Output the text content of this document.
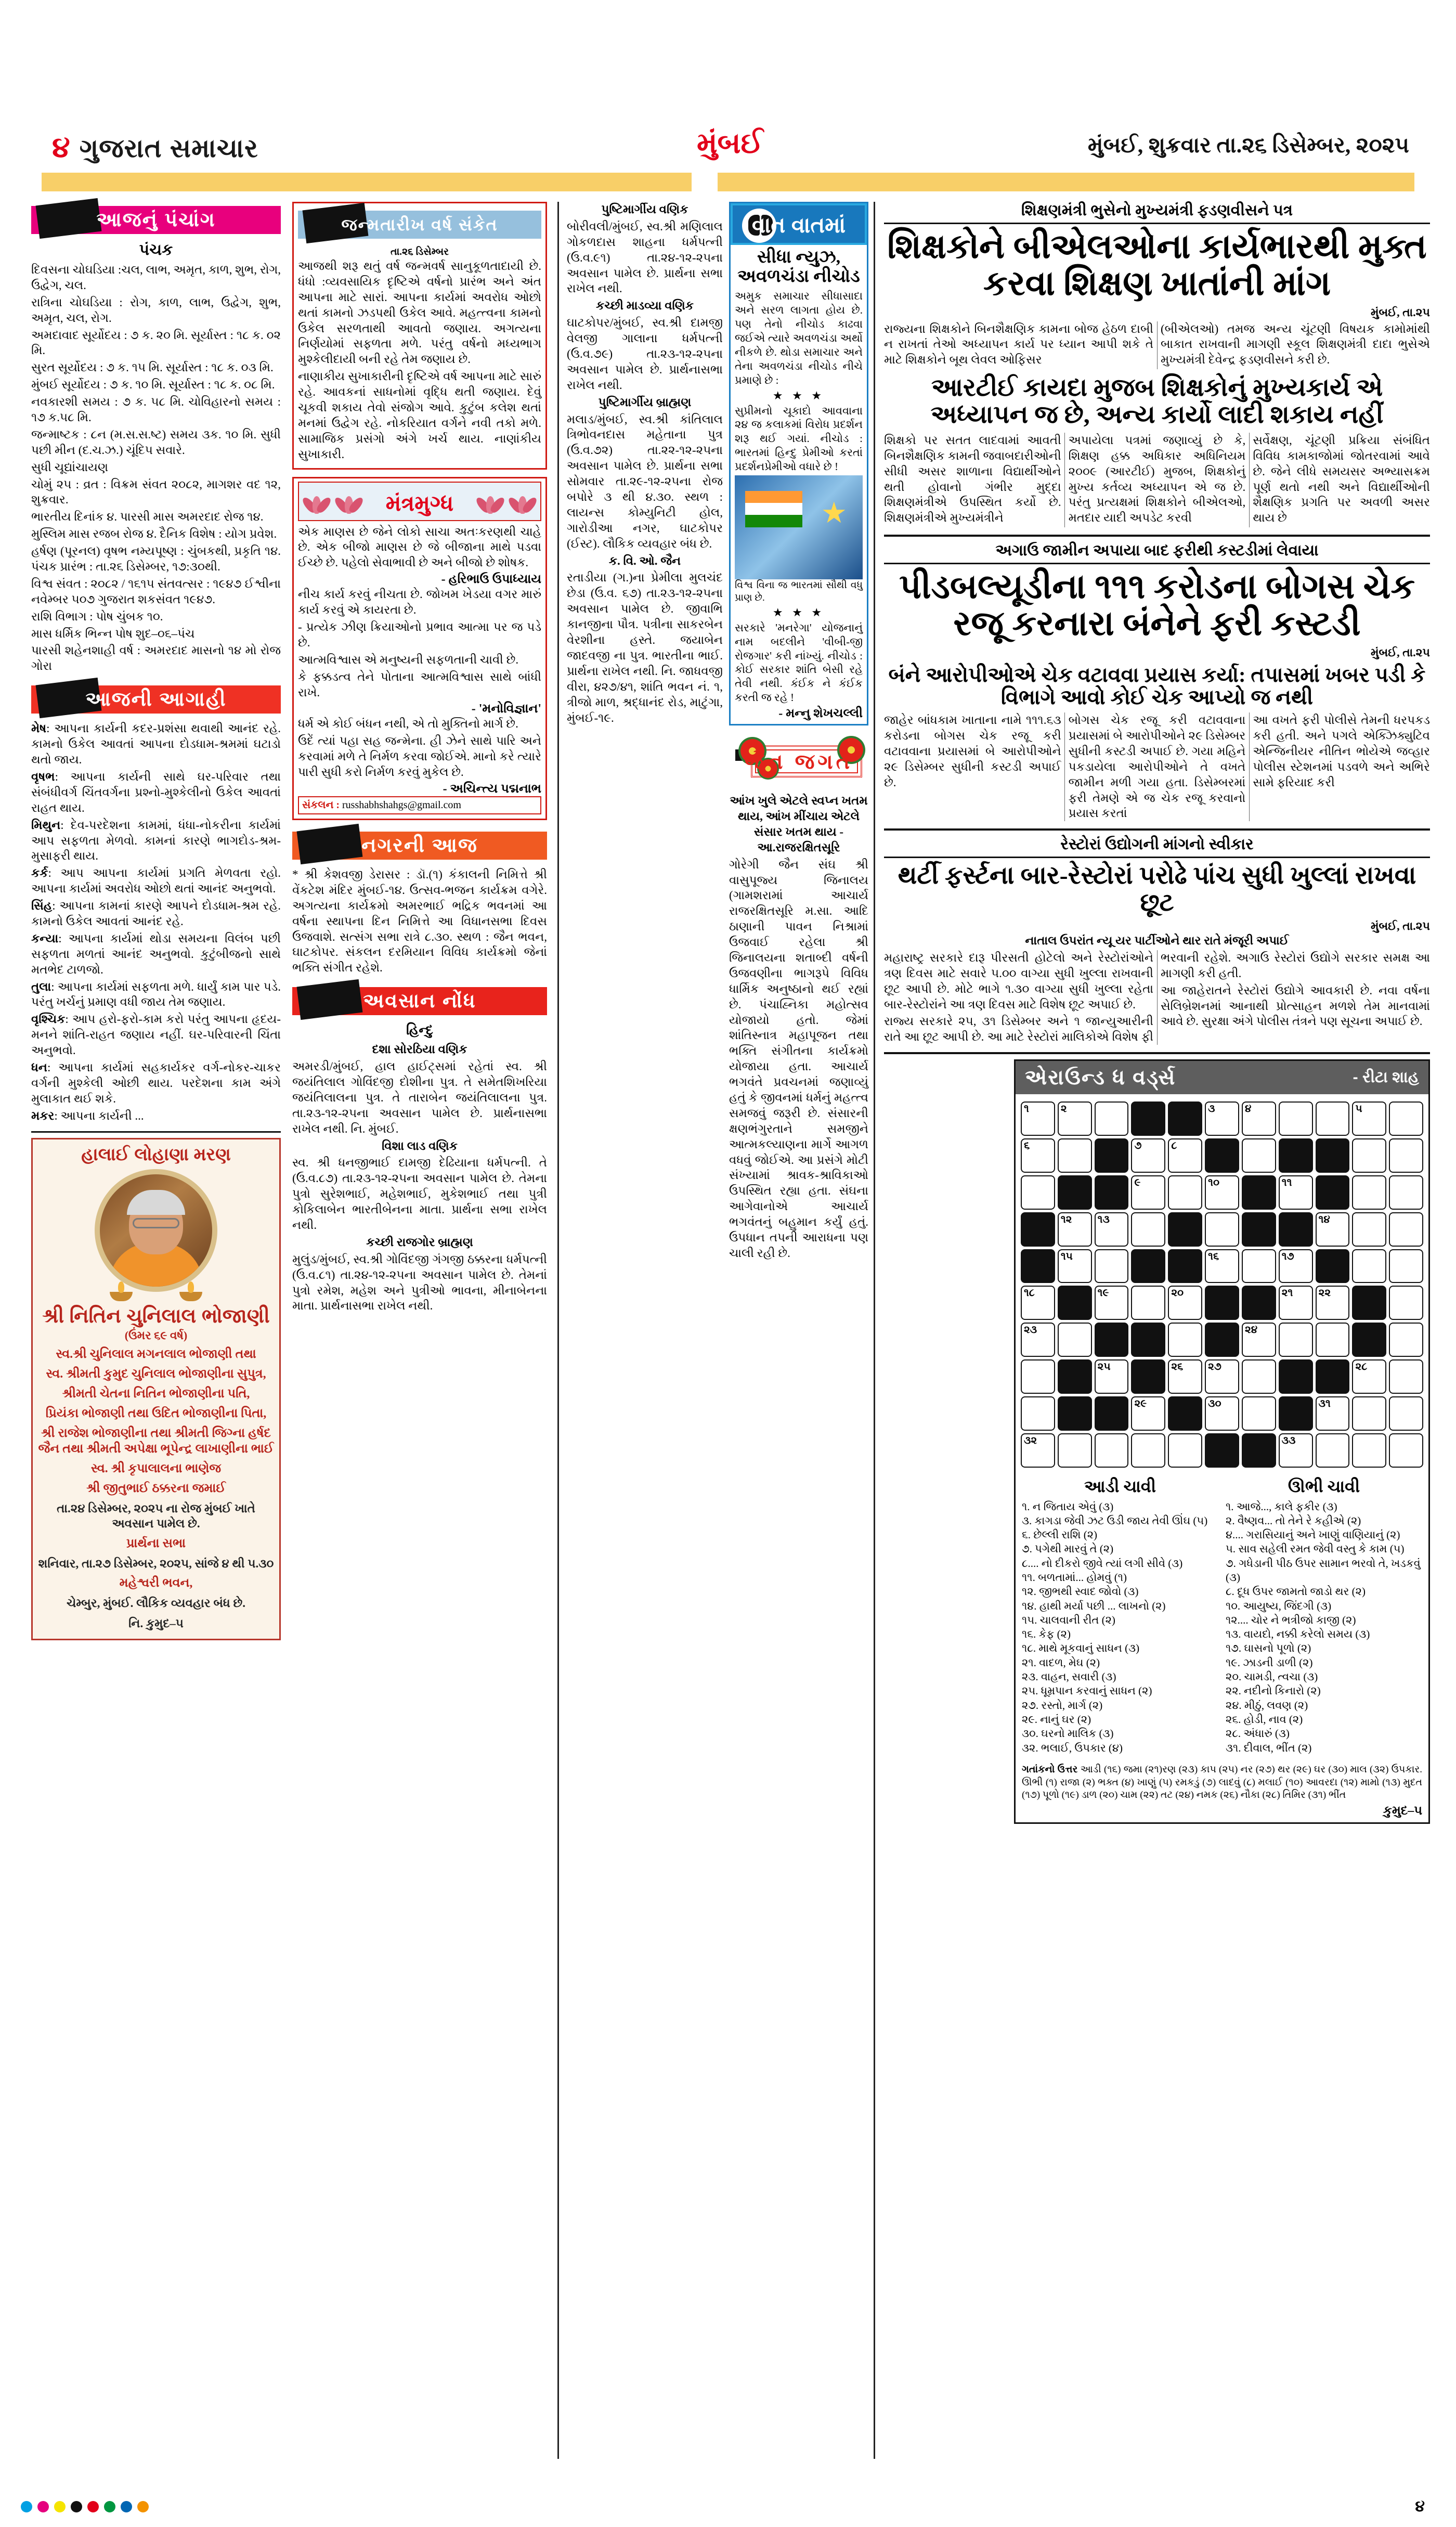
૪ ગુજરાત સમાચાર	મુંબઈ	મુંબઈ, શુક્રવાર તા.૨૬ ડિસેમ્બર, ૨૦૨૫
આજનું પંચાંગ
પંચક
દિવસના ચોઘડિયા :ચલ, લાભ, અમૃત, કાળ, શુભ, રોગ, ઉદ્વેગ, ચલ.
રાત્રિના ચોઘડિયા : રોગ, કાળ, લાભ, ઉદ્વેગ, શુભ, અમૃત, ચલ, રોગ.
અમદાવાદ સૂર્યોદય : ૭ ક. ૨૦ મિ. સૂર્યાસ્ત : ૧૮ ક. ૦૨ મિ.
સુરત સૂર્યોદય : ૭ ક. ૧૫ મિ. સૂર્યાસ્ત : ૧૮ ક. ૦૩ મિ.
મુંબઈ સૂર્યોદય : ૭ ક. ૧૦ મિ. સૂર્યાસ્ત : ૧૮ ક. ૦૮ મિ.
નવકારશી સમય : ૭ ક. ૫૮ મિ. ચોવિહારનો સમય : ૧૭ ક.૫૮ મિ.
જન્માષ્ટક : ૮ન (મ.સ.સ.ષ્ટ) સમય ૩ક. ૧૦ મિ. સુધી પછી મીન (દ.ચ.ઝ.) ચૂંદિ૫ સવારે.
સુધી ચૂદ્યાંચાયણ
ચોમું ૨૫ : વ્રત : વિક્રમ સંવત ૨૦૮૨, માગશર વદ ૧૨, શુક્રવાર.
ભારતીય દિનાંક ૪. પારસી માસ અમરદાદ રોજ ૧૪.
મુસ્લિમ માસ રજબ રોજ ૪. દૈનિક વિશેષ : યોગ પ્રવેશ.
હર્ષણ (પૂરનલ) વૃષભ નમ્યપૂષ્ણ : ચુંબકથી, પ્રકૃતિ ૧૪. પંચક પ્રારંભ : તા.૨૬ ડિસેમ્બર, ૧૭:૩૦થી.
વિશ્વ સંવત : ૨૦૮૨ / ૧૬૧૫ સંતવત્સર : ૧૯૪૭ ઈશ્વીના નવેમ્બર ૫૦૭ ગુજરાત શકસંવત ૧૯૪૭.
રાશિ વિભાગ : પોષ ચુંબક ૧૦.
માસ ધર્મિક ભિન્ન પોષ શુદ–૦૬–પંચ
પારસી શહેનશાહી વર્ષ : અમરદાદ માસનો ૧૪ મો રોજ ગોરા
આજની આગાહી
મેષ: આપના કાર્યની કદર-પ્રશંસા થવાથી આનંદ રહે. કામનો ઉકેલ આવતાં આપના દોડધામ-શ્રમમાં ઘટાડો થતો જાય.
વૃષભ: આપના કાર્યની સાથે ઘર-પરિવાર તથા સંબંધીવર્ગ ચિંતવર્ગના પ્રશ્નો-મુશ્કેલીનો ઉકેલ આવતાં રાહત થાય.
મિથુન: દેવ-પરદેશના કામમાં, ધંધા-નોકરીના કાર્યમાં આપ સફળતા મેળવો. કામનાં કારણે ભાગદોડ-શ્રમ-મુસાફરી થાય.
કર્ક: આપ આપના કાર્યમાં પ્રગતિ મેળવતા રહો. આપના કાર્યમાં અવરોધ ઓછો થતાં આનંદ અનુભવો.
સિંહ: આપના કામનાં કારણે આપને દોડધામ-શ્રમ રહે. કામનો ઉકેલ આવતાં આનંદ રહે.
કન્યા: આપના કાર્યમાં થોડા સમયના વિલંબ પછી સફળતા મળતાં આનંદ અનુભવો. કુટુંબીજનો સાથે મતભેદ ટાળજો.
તુલા: આપના કાર્યમાં સફળતા મળે. ધાર્યું કામ પાર પડે. પરંતુ ખર્ચનું પ્રમાણ વધી જાય તેમ જણાય.
વૃશ્ચિક: આપ હરો-ફરો-કામ કરો પરંતુ આપના હૃદય-મનને શાંતિ-રાહત જણાય નહીં. ઘર-પરિવારની ચિંતા અનુભવો.
ધન: આપના કાર્યમાં સહકાર્યકર વર્ગ-નોકર-ચાકર વર્ગની મુશ્કેલી ઓછી થાય. પરદેશના કામ અંગે મુલાકાત થઈ શકે.
મકર: આપના કાર્યની ...
હાલાઈ લોહાણા મરણ
શ્રી નિતિન ચુનિલાલ ભોજાણી
(ઉંમર ૬૯ વર્ષ)
સ્વ.શ્રી ચુનિલાલ મગનલાલ ભોજાણી તથા
સ્વ. શ્રીમતી કુમુદ ચુનિલાલ ભોજાણીના સુપુત્ર,
શ્રીમતી ચેતના નિતિન ભોજાણીના પતિ,
પ્રિયંકા ભોજાણી તથા ઉદિત ભોજાણીના પિતા,
શ્રી રાજેશ ભોજાણીના તથા શ્રીમતી જિગ્ના હર્ષદ જૈન તથા શ્રીમતી અપેક્ષા ભૂપેન્દ્ર લાખાણીના ભાઈ
સ્વ. શ્રી કૃપાલાલના ભાણેજ
શ્રી જીતુભાઈ ઠક્કરના જમાઈ
તા.૨૪ ડિસેમ્બર, ૨૦૨૫ ના રોજ મુંબઈ ખાતે અવસાન પામેલ છે.
પ્રાર્થના સભા
શનિવાર, તા.૨૭ ડિસેમ્બર, ૨૦૨૫, સાંજે ૪ થી ૫.૩૦
મહેશ્વરી ભવન,
ચેમ્બુર, મુંબઈ. લૌકિક વ્યવહાર બંધ છે.
નિ. કુમુદ–૫
જન્મતારીખ વર્ષ સંકેત
તા.૨૬ ડિસેમ્બર
આજથી શરૂ થતું વર્ષ જન્મવર્ષ સાનુકૂળતાદાયી છે. ધંધો :વ્યવસાયિક દૃષ્ટિએ વર્ષનો પ્રારંભ અને અંત આપના માટે સારાં. આપના કાર્યમાં અવરોધ ઓછો થતાં કામનો ઝડપથી ઉકેલ આવે. મહત્ત્વના કામનો ઉકેલ સરળતાથી આવતો જણાય. અગત્યના નિર્ણયોમાં સફળતા મળે. પરંતુ વર્ષનો મધ્યભાગ મુશ્કેલીદાયી બની રહે તેમ જણાય છે.
નાણાકીય સુખાકારીની દૃષ્ટિએ વર્ષ આપના માટે સારું રહે. આવકનાં સાધનોમાં વૃદ્ધિ થતી જણાય. દેવું ચૂકવી શકાય તેવો સંજોગ આવે. કુટુંબ કલેશ થતાં મનમાં ઉદ્વેગ રહે. નોકરિયાત વર્ગને નવી તકો મળે. સામાજિક પ્રસંગો અંગે ખર્ચ થાય. નાણાંકીય સુખાકારી.
મંત્રમુગ્ધ
એક માણસ છે જેને લોકો સાચા અતઃકરણથી ચાહે છે. એક બીજો માણસ છે જે બીજાના માથે પડવા ઈચ્છે છે. પહેલો સેવાભાવી છે અને બીજો છે શોષક.
- હરિભાઉ ઉપાધ્યાય
નીચ કાર્ય કરવું નીચતા છે. જોખમ ખેડયા વગર મારું કાર્ય કરવું એ કાયરતા છે.
- પ્રત્યેક ઝીણ ક્રિયાઓનો પ્રભાવ આત્મા પર જ પડે છે.
આત્મવિશ્વાસ એ મનુષ્યની સફળતાની ચાવી છે.
કે ફક્કડત્વ તેને પોતાના આત્મવિશ્વાસ સાથે બાંધી રાખે.
- 'મનોવિજ્ઞાન'
ધર્મ એ કોઈ બંધન નથી, એ તો મુક્તિનો માર્ગ છે.
ઉદેં ત્યાં પહા સહ જન્મેના. હી ઝેને સાથે પારિ અને કરવામાં મળે તે નિર્મળ કરવા જોઈએ. માનો કરે ત્યારે પારી સુધી કરો નિર્મળ કરવું મુકેલ છે.
- અચિન્ત્ય પદ્મનાભ
સંકલન : russhabhshahgs@gmail.com
નગરની આજ
* શ્રી કેશવજી ડેરાસર : ડૉ.(૧) કંકાલની નિમિત્તે શ્રી વેંકટેશ મંદિર મુંબઈ-૧૪. ઉત્સવ-ભજન કાર્યક્રમ વગેરે. અગત્યના કાર્યક્રમો અમરભાઈ ભદ્રિક ભવનમાં આ વર્ષના સ્થાપના દિન નિમિત્તે આ વિધાનસભા દિવસ ઉજવાશે. સત્સંગ સભા રાત્રે ૮.૩૦. સ્થળ : જૈન ભવન, ઘાટકોપર. સંકલન દરમિયાન વિવિધ કાર્યક્રમો જેનાં ભક્તિ સંગીત રહેશે.
અવસાન નોંધ
હિન્દુ
દશા સોરઠિયા વણિક
અમરડી/મુંબઈ, હાલ હાઈટ્સમાં રહેતાં સ્વ. શ્રી જયંતિલાલ ગોવિંદજી દોશીના પુત્ર. તે સમેતશિખરિયા જયંતિલાલના પુત્ર. તે તારાબેન જયંતિલાલના પુત્ર. તા.૨૩-૧૨-૨૫ના અવસાન પામેલ છે. પ્રાર્થનાસભા રાખેલ નથી. નિ. મુંબઈ.
વિશા લાડ વણિક
સ્વ. શ્રી ધનજીભાઈ દામજી દેઢિયાના ધર્મપત્ની. તે (ઉ.વ.૮૭) તા.૨૩-૧૨-૨૫ના અવસાન પામેલ છે. તેમના પુત્રો સુરેશભાઈ, મહેશભાઈ, મુકેશભાઈ તથા પુત્રી કોકિલાબેન ભારતીબેનના માતા. પ્રાર્થના સભા રાખેલ નથી.
કચ્છી રાજગોર બ્રાહ્મણ
મુલુંડ/મુંબઈ, સ્વ.શ્રી ગોવિંદજી ગંગજી ઠક્કરના ધર્મપત્ની (ઉ.વ.૮૧) તા.૨૪-૧૨-૨૫ના અવસાન પામેલ છે. તેમનાં પુત્રો રમેશ, મહેશ અને પુત્રીઓ ભાવના, મીનાબેનના માતા. પ્રાર્થનાસભા રાખેલ નથી.
પુષ્ટિમાર્ગીય વણિક
બોરીવલી/મુંબઈ, સ્વ.શ્રી મણિલાલ ગોકળદાસ શાહના ધર્મપત્ની (ઉ.વ.૯૧) તા.૨૪-૧૨-૨૫ના અવસાન પામેલ છે. પ્રાર્થના સભા રાખેલ નથી.
કચ્છી માડવ્યા વણિક
ઘાટકોપર/મુંબઈ, સ્વ.શ્રી દામજી વેલજી ગાલાના ધર્મપત્ની (ઉ.વ.૭૯) તા.૨૩-૧૨-૨૫ના અવસાન પામેલ છે. પ્રાર્થનાસભા રાખેલ નથી.
પુષ્ટિમાર્ગીય બ્રાહ્મણ
મલાડ/મુંબઈ, સ્વ.શ્રી કાંતિલાલ ત્રિભોવનદાસ મહેતાના પુત્ર (ઉ.વ.૭૨) તા.૨૨-૧૨-૨૫ના અવસાન પામેલ છે. પ્રાર્થના સભા સોમવાર તા.૨૯-૧૨-૨૫ના રોજ બપોરે ૩ થી ૪.૩૦. સ્થળ : લાયન્સ કોમ્યુનિટી હોલ, ગારોડીઆ નગર, ઘાટકોપર (ઈસ્ટ). લૌકિક વ્યવહાર બંધ છે.
ક. વિ. ઓ. જૈન
રતાડીયા (ગ.)ના પ્રેમીલા મુલચંદ છેડા (ઉ.વ. ૬૭) તા.૨૩-૧૨-૨૫ના અવસાન પામેલ છે. જીવાભિ કાનજીના પૌત્ર. પત્રીના સાકરબેન વેરશીના હસ્તે. જયાબેન જાદવજી ના પુત્ર. ભારતીના ભાઈ. પ્રાર્થના રાખેલ નથી. નિ. જાધવજી વીરા, ૪૨૭/૪૧, શાંતિ ભવન નં. ૧, ત્રીજો માળ, શ્રદ્ધાનંદ રોડ, માટુંગા, મુંબઈ-૧૯.
વાત વાતમાં
સીધા ન્યુઝ, અવળચંડા નીચોડ
અમુક સમાચાર સીધાસાદા અને સરળ લાગતા હોય છે. પણ તેનો નીચોડ કાઢવા જઈએ ત્યારે અવળચંડા અર્થો નીકળે છે. થોડા સમાચાર અને તેના અવળચંડા નીચોડ નીચે પ્રમાણે છે :
★ ★ ★
સુપ્રીમનો ચૂકાદો આવવાના ૨૪ જ કલાકમાં વિરોધ પ્રદર્શન શરૂ થઈ ગયાં. નીચોડ : ભારતમાં હિન્દુ પ્રેમીઓ કરતાં પ્રદર્શનપ્રેમીઓ વધારે છે !
★
વિશ્વ વિના જ ભારતમાં સૌથી વધુ પ્રાણ છે.
★ ★ ★
સરકારે 'મનરેગા' યોજનાનું નામ બદલીને 'વીબી-જી રોજગાર' કરી નાંખ્યું. નીચોડ : કોઈ સરકાર શાંતિ બેસી રહે તેવી નથી. કંઈક ને કંઈક કરતી જ રહે !
- મન્નુ શેખચલ્લી
જૈન જગત
આંખ ખુલે એટલે સ્વપ્ન ખતમ થાય, આંખ મીંચાય એટલે સંસાર ખતમ થાય - આ.રાજરક્ષિતસૂરિ
ગોરેગી જૈન સંઘ શ્રી વાસુપૂજ્ય જિનાલય (ગામશરામાં આચાર્ય રાજરક્ષિતસૂરિ મ.સા. આદિ ઠાણાની પાવન નિશ્રામાં ઉજવાઈ રહેલા શ્રી જિનાલયના શતાબ્દી વર્ષની ઉજવણીના ભાગરૂપે વિવિધ ધાર્મિક અનુષ્ઠાનો થઈ રહ્યાં છે. પંચાહ્નિકા મહોત્સવ યોજાયો હતો. જેમાં શાંતિસ્નાત્ર મહાપૂજન તથા ભક્તિ સંગીતના કાર્યક્રમો યોજાયા હતા. આચાર્ય ભગવંતે પ્રવચનમાં જણાવ્યું હતું કે જીવનમાં ધર્મનું મહત્ત્વ સમજવું જરૂરી છે. સંસારની ક્ષણભંગુરતાને સમજીને આત્મકલ્યાણના માર્ગે આગળ વધવું જોઈએ. આ પ્રસંગે મોટી સંખ્યામાં શ્રાવક-શ્રાવિકાઓ ઉપસ્થિત રહ્યા હતા. સંઘના આગેવાનોએ આચાર્ય ભગવંતનું બહુમાન કર્યું હતું. ઉપધાન તપની આરાધના પણ ચાલી રહી છે.
શિક્ષણમંત્રી ભુસેનો મુખ્યમંત્રી ફડણવીસને પત્ર
શિક્ષકોને બીએલઓના કાર્યભારથી મુક્ત કરવા શિક્ષણ ખાતાંની માંગ
મુંબઈ, તા.૨૫
રાજ્યના શિક્ષકોને બિનશૈક્ષણિક કામના બોજ હેઠળ દાબી ન રાખતાં તેઓ અધ્યાપન કાર્ય પર ધ્યાન આપી શકે તે માટે શિક્ષકોને બૂથ લેવલ ઓફિસર
(બીએલઓ) તમજ અન્ય ચૂંટણી વિષયક કામોમાંથી બાકાત રાખવાની માગણી સ્કૂલ શિક્ષણમંત્રી દાદા ભુસેએ મુખ્યમંત્રી દેવેન્દ્ર ફડણવીસને કરી છે.
આરટીઈ કાયદા મુજબ શિક્ષકોનું મુખ્યકાર્ય એ અધ્યાપન જ છે, અન્ય કાર્યો લાદી શકાય નહીં
શિક્ષકો પર સતત લાદવામાં આવતી બિનશૈક્ષણિક કામની જવાબદારીઓની સીધી અસર શાળાના વિદ્યાર્થીઓને થતી હોવાનો ગંભીર મુદ્દા શિક્ષણમંત્રીએ ઉપસ્થિત કર્યો છે. શિક્ષણમંત્રીએ મુખ્યમંત્રીને
અપાયેલા પત્રમાં જણાવ્યું છે કે, શિક્ષણ હક્ક અધિકાર અધિનિયમ ૨૦૦૯ (આરટીઈ) મુજબ, શિક્ષકોનું મુખ્ય કર્તવ્ય અધ્યાપન એ જ છે. પરંતુ પ્રત્યક્ષમાં શિક્ષકોને બીએલઓ, મતદાર યાદી અપડેટ કરવી
સર્વેક્ષણ, ચૂંટણી પ્રક્રિયા સંબંધિત વિવિધ કામકાજોમાં જોતરવામાં આવે છે. જેને લીધે સમયસર અભ્યાસક્રમ પૂર્ણ થતો નથી અને વિદ્યાર્થીઓની શૈક્ષણિક પ્રગતિ પર અવળી અસર થાય છે
અગાઉ જામીન અપાયા બાદ ફરીથી કસ્ટડીમાં લેવાયા
પીડબલ્યૂડીના ૧૧૧ કરોડના બોગસ ચેક રજૂ કરનારા બંનેને ફરી કસ્ટડી
મુંબઈ, તા.૨૫
બંને આરોપીઓએ ચેક વટાવવા પ્રયાસ કર્યા: તપાસમાં ખબર પડી કે વિભાગે આવો કોઈ ચેક આપ્યો જ નથી
જાહેર બાંધકામ ખાતાના નામે ૧૧૧.૬૩ કરોડના બોગસ ચેક રજૂ કરી વટાવવાના પ્રયાસમાં બે આરોપીઓને ૨૯ ડિસેમ્બર સુધીની કસ્ટડી અપાઈ છે.
બોગસ ચેક રજૂ કરી વટાવવાના પ્રયાસમાં બે આરોપીઓને ૨૯ ડિસેમ્બર સુધીની કસ્ટડી અપાઈ છે. ગયા મહિને પકડાયેલા આરોપીઓને તે વખતે જામીન મળી ગયા હતા. ડિસેમ્બરમાં ફરી તેમણે એ જ ચેક રજૂ કરવાનો પ્રયાસ કરતાં
આ વખતે ફરી પોલીસે તેમની ધરપકડ કરી હતી. અને પગલે એક્ઝિક્યુટિવ એન્જિનીયર નીતિન ભોયેએ જવ્હાર પોલીસ સ્ટેશનમાં પડવળે અને અભિરે સામે ફરિયાદ કરી
રેસ્ટોરાં ઉદ્યોગની માંગનો સ્વીકાર
થર્ટી ફર્સ્ટના બાર-રેસ્ટોરાં પરોઢે પાંચ સુધી ખુલ્લાં રાખવા છૂટ
મુંબઈ, તા.૨૫
નાતાલ ઉપરાંત ન્યૂ યર પાર્ટીઓને થાર રાતે મંજૂરી અપાઈ
મહારાષ્ટ્ર સરકારે દારૂ પીરસતી હોટેલો અને રેસ્ટોરાંઓને ત્રણ દિવસ માટે સવારે ૫.૦૦ વાગ્યા સુધી ખુલ્લા રાખવાની છૂટ આપી છે. મોટે ભાગે ૧.૩૦ વાગ્યા સુધી ખુલ્લા રહેતા બાર-રેસ્ટોરાંને આ ત્રણ દિવસ માટે વિશેષ છૂટ અપાઈ છે.
રાજ્ય સરકારે ૨૫, ૩૧ ડિસેમ્બર અને ૧ જાન્યુઆરીની રાતે આ છૂટ આપી છે. આ માટે રેસ્ટોરાં માલિકોએ વિશેષ ફી ભરવાની રહેશે. અગાઉ રેસ્ટોરાં ઉદ્યોગે સરકાર સમક્ષ આ માગણી કરી હતી.
આ જાહેરાતને રેસ્ટોરાં ઉદ્યોગે આવકારી છે. નવા વર્ષના સેલિબ્રેશનમાં આનાથી પ્રોત્સાહન મળશે તેમ માનવામાં આવે છે. સુરક્ષા અંગે પોલીસ તંત્રને પણ સૂચના અપાઈ છે.
એરાઉન્ડ ધ વર્ડ્સ	- રીટા શાહ
૧	૨	૩	૪	૫
૬	૭	૮
૯	૧૦	૧૧
૧૨ ૧૩	૧૪
૧૫	૧૬	૧૭
૧૮	૧૯	૨૦	૨૧ ૨૨
૨૩	૨૪
૨૫	૨૬ ૨૭	૨૮
૨૯	૩૦	૩૧
૩૨	૩૩
આડી ચાવી
૧. ન જિતાય એવું (૩)
૩. કાગડા જેવી ઝટ ઉડી જાય તેવી ઊંઘ (૫)
૬. છેલ્લી રાશિ (૨)
૭. પગેથી મારવું તે (૨)
૮.... નો દીકરો જીવે ત્યાં લગી સીવે (૩)
૧૧. બળતામાં... હોમવું (૧)
૧૨. જીભથી સ્વાદ જોવો (૩)
૧૪. હાથી મર્યા પછી ... લાખનો (૨)
૧૫. ચાલવાની રીત (૨)
૧૬. કેફ (૨)
૧૮. માથે મૂકવાનું સાધન (૩)
૨૧. વાદળ, મેઘ (૨)
૨૩. વાહન, સવારી (૩)
૨૫. ધૂમ્રપાન કરવાનું સાધન (૨)
૨૭. રસ્તો, માર્ગ (૨)
૨૯. નાનું ઘર (૨)
૩૦. ઘરનો માલિક (૩)
૩૨. ભલાઈ, ઉપકાર (૪)
ઊભી ચાવી
૧. આજે..., કાલે ફકીર (૩)
૨. વૈષ્ણવ... તો તેને રે કહીએ (૨)
૪.... ગરાસિયાનું અને ખાણું વાણિયાનું (૨)
૫. સાવ સહેલી રમત જેવી વસ્તુ કે કામ (૫)
૭. ગધેડાની પીઠ ઉપર સામાન ભરવો તે, ખડકવું (૩)
૮. દૂધ ઉપર જામતો જાડો થર (૨)
૧૦. આયુષ્ય, જિંદગી (૩)
૧૨.... ચોર ને ભત્રીજો કાજી (૨)
૧૩. વાયદો, નક્કી કરેલો સમય (૩)
૧૭. ઘાસનો પૂળો (૨)
૧૯. ઝાડની ડાળી (૨)
૨૦. ચામડી, ત્વચા (૩)
૨૨. નદીનો કિનારો (૨)
૨૪. મીઠું, લવણ (૨)
૨૬. હોડી, નાવ (૨)
૨૮. અંધારું (૩)
૩૧. દીવાલ, ભીંત (૨)
ગતાંકનો ઉત્તર આડી (૧૬) જમા (૨૧)રણ (૨૩) કાપ (૨૫) નર (૨૭) થર (૨૯) ઘર (૩૦) માલ (૩૨) ઉપકાર. ઊભી (૧) રાજા (૨) ભક્ત (૪) ખાણું (૫) રમકડું (૭) લાદવું (૮) મલાઈ (૧૦) આવરદા (૧૨) મામો (૧૩) મુદત (૧૭) પૂળો (૧૯) ડાળ (૨૦) ચામ (૨૨) તટ (૨૪) નમક (૨૬) નૌકા (૨૮) તિમિર (૩૧) ભીંત
કુમુદ–૫
૪
